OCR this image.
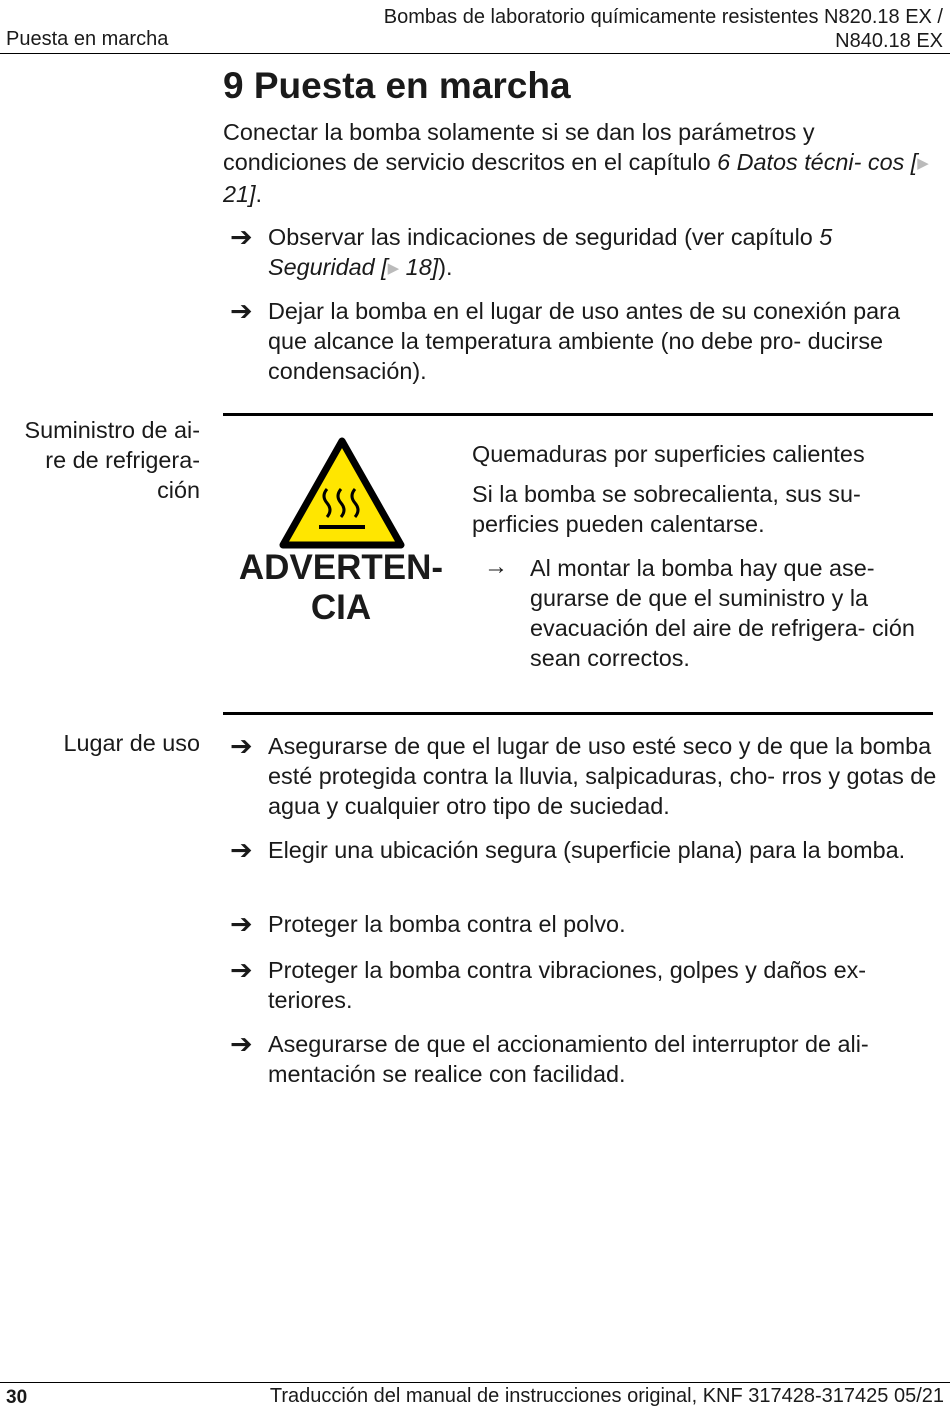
Puesta en marcha
Bombas de laboratorio químicamente resistentes N820.18 EX /
N840.18 EX
9 Puesta en marcha
Conectar la bomba solamente si se dan los parámetros y condiciones de servicio descritos en el capítulo 6 Datos técni- cos [▶ 21].
➔ Observar las indicaciones de seguridad (ver capítulo 5 Seguridad [▶ 18]).
➔ Dejar la bomba en el lugar de uso antes de su conexión para que alcance la temperatura ambiente (no debe pro- ducirse condensación).
Suministro de ai- re de refrigera- ción
ADVERTEN- CIA
Quemaduras por superficies calientes
Si la bomba se sobrecalienta, sus su- perficies pueden calentarse.
→ Al montar la bomba hay que ase- gurarse de que el suministro y la evacuación del aire de refrigera- ción sean correctos.
Lugar de uso ➔ Asegurarse de que el lugar de uso esté seco y de que la bomba esté protegida contra la lluvia, salpicaduras, cho- rros y gotas de agua y cualquier otro tipo de suciedad.
➔ Elegir una ubicación segura (superficie plana) para la bomba.
➔ Proteger la bomba contra el polvo.
➔ Proteger la bomba contra vibraciones, golpes y daños ex- teriores.
➔ Asegurarse de que el accionamiento del interruptor de ali- mentación se realice con facilidad.
30	Traducción del manual de instrucciones original, KNF 317428-317425 05/21
